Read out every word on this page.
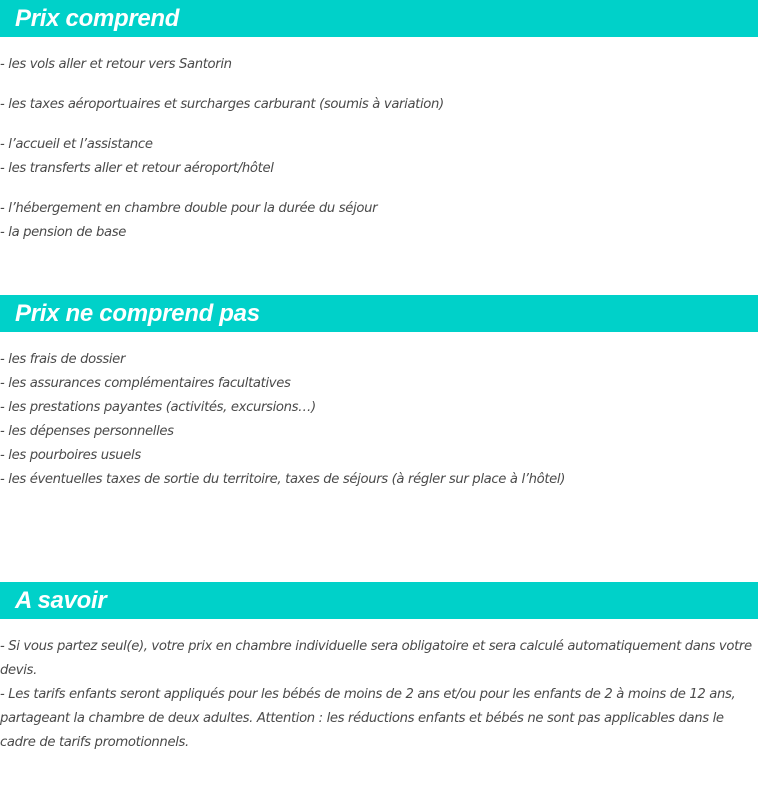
Prix comprend
- les vols aller et retour vers Santorin
- les taxes aéroportuaires et surcharges carburant (soumis à variation)
- l’accueil et l’assistance
- les transferts aller et retour aéroport/hôtel
- l’hébergement en chambre double pour la durée du séjour
- la pension de base
Prix ne comprend pas
- les frais de dossier
- les assurances complémentaires facultatives
- les prestations payantes (activités, excursions…)
- les dépenses personnelles
- les pourboires usuels
- les éventuelles taxes de sortie du territoire, taxes de séjours (à régler sur place à l’hôtel)
A savoir
- Si vous partez seul(e), votre prix en chambre individuelle sera obligatoire et sera calculé automatiquement dans votre devis.
- Les tarifs enfants seront appliqués pour les bébés de moins de 2 ans et/ou pour les enfants de 2 à moins de 12 ans, partageant la chambre de deux adultes. Attention : les réductions enfants et bébés ne sont pas applicables dans le cadre de tarifs promotionnels.
